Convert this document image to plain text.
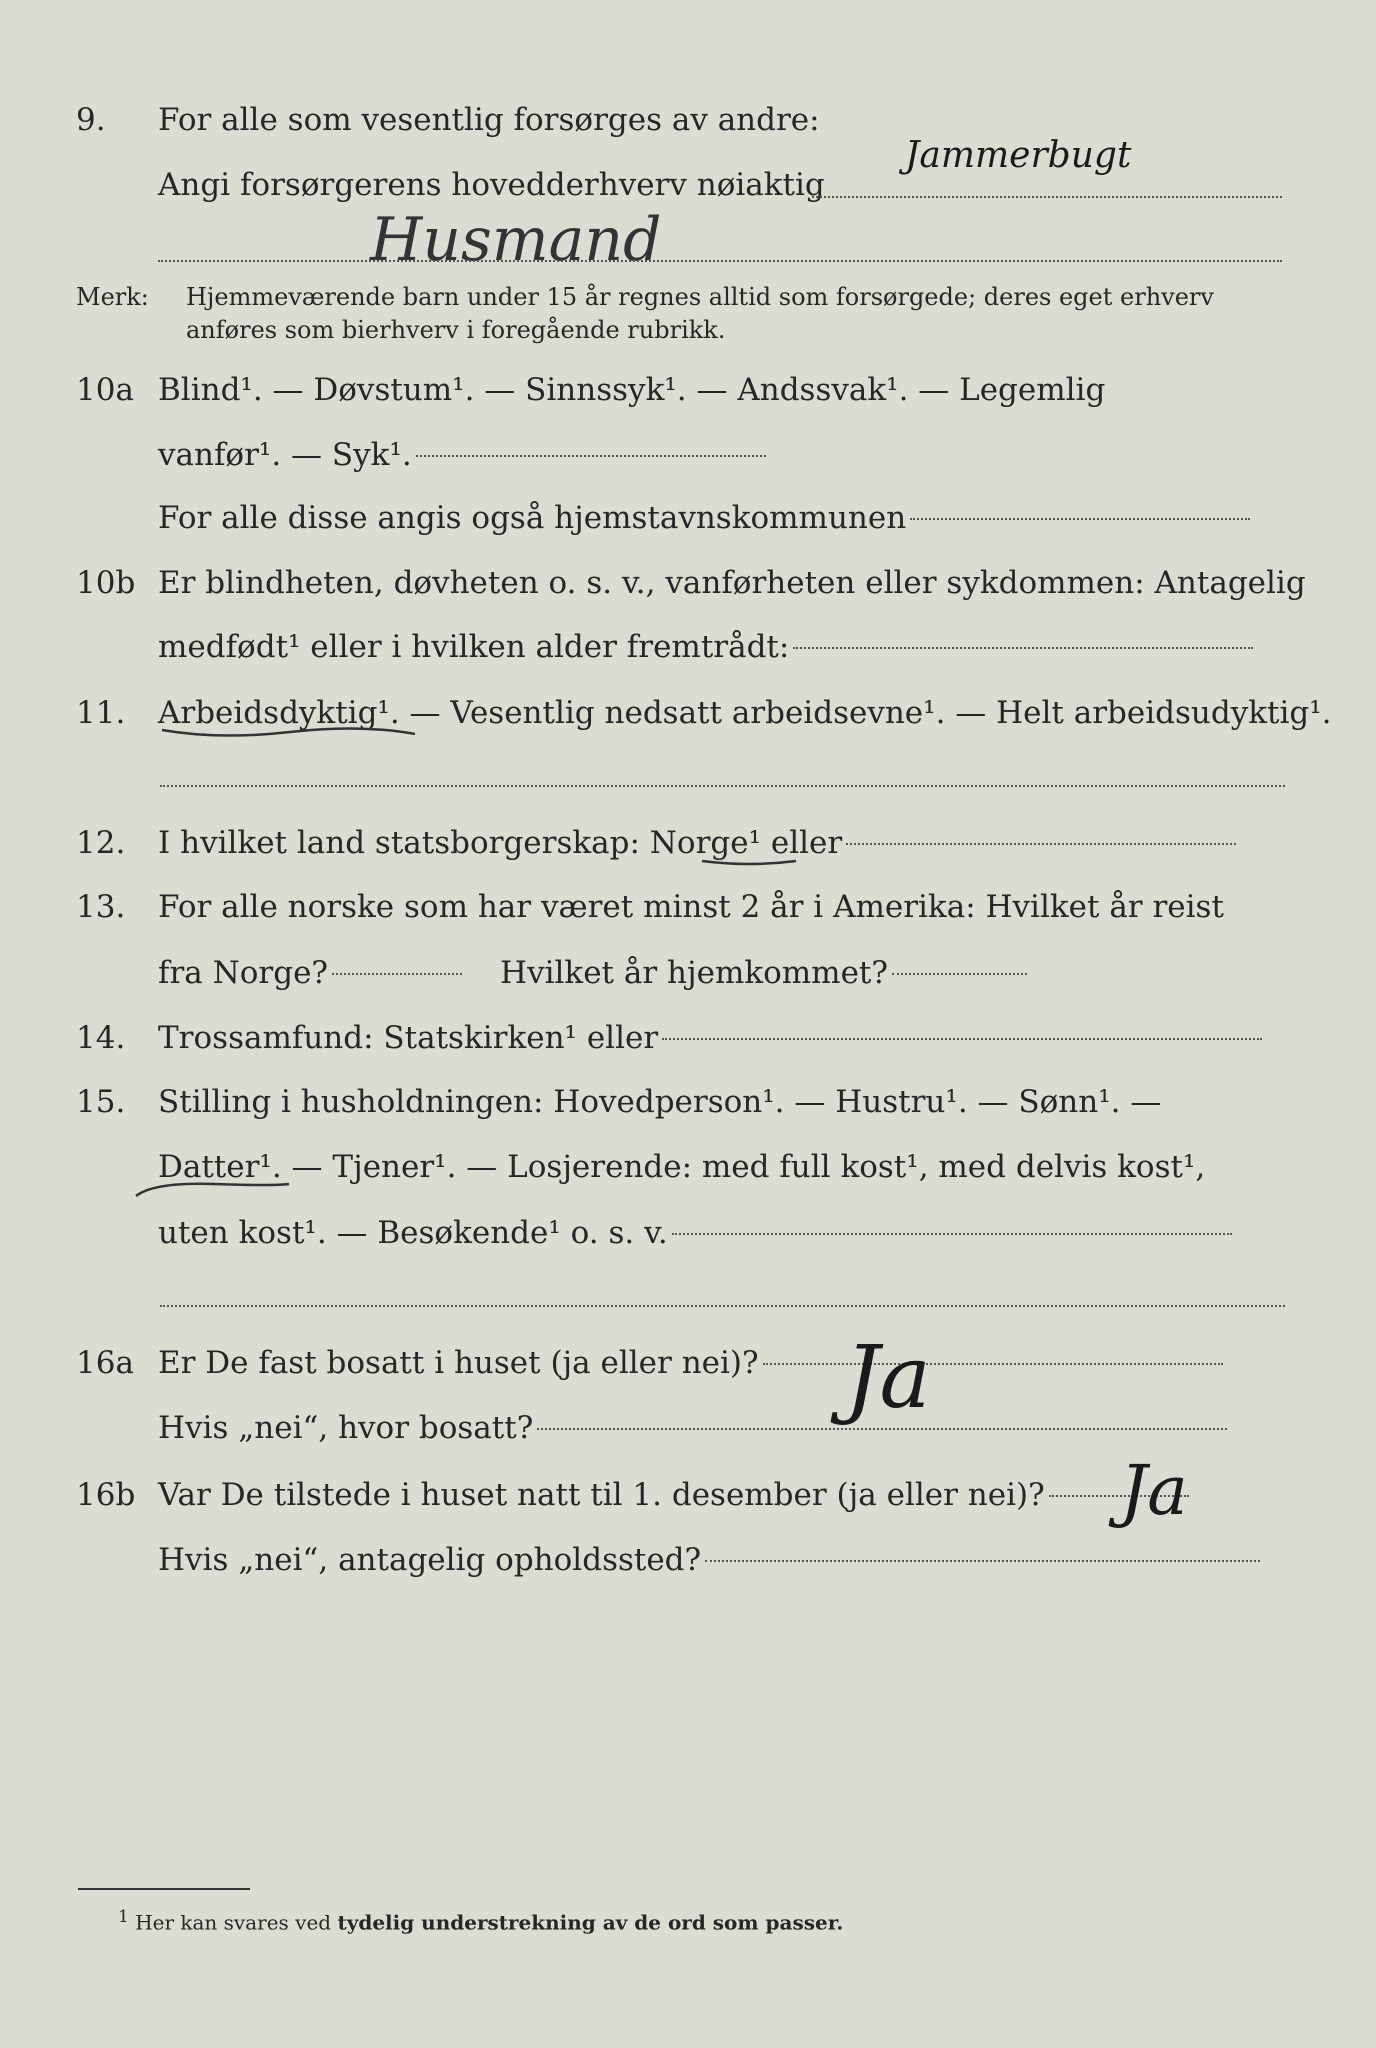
9. For alle som vesentlig forsørges av andre:
Jammerbugt
Angi forsørgerens hovedderhverv nøiaktig
Husmand
Merk: Hjemmeværende barn under 15 år regnes alltid som forsørgede; deres eget erhverv
anføres som bierhverv i foregående rubrikk.
10a Blind¹. — Døvstum¹. — Sinnssyk¹. — Andssvak¹. — Legemlig
vanfør¹. — Syk¹.
For alle disse angis også hjemstavnskommunen
10b Er blindheten, døvheten o. s. v., vanførheten eller sykdommen: Antagelig
medfødt¹ eller i hvilken alder fremtrådt:
11. Arbeidsdyktig¹. — Vesentlig nedsatt arbeidsevne¹. — Helt arbeidsudyktig¹.
12. I hvilket land statsborgerskap: Norge¹ eller
13. For alle norske som har været minst 2 år i Amerika: Hvilket år reist
fra Norge?	Hvilket år hjemkommet?
14. Trossamfund: Statskirken¹ eller
15. Stilling i husholdningen: Hovedperson¹. — Hustru¹. — Sønn¹. —
Datter¹. — Tjener¹. — Losjerende: med full kost¹, med delvis kost¹,
uten kost¹. — Besøkende¹ o. s. v.
16a Er De fast bosatt i huset (ja eller nei)? Ja
Hvis „nei“, hvor bosatt?
16b Var De tilstede i huset natt til 1. desember (ja eller nei)? Ja
Hvis „nei“, antagelig opholdssted?
$^1$ Her kan svares ved tydelig understrekning av de ord som passer.
